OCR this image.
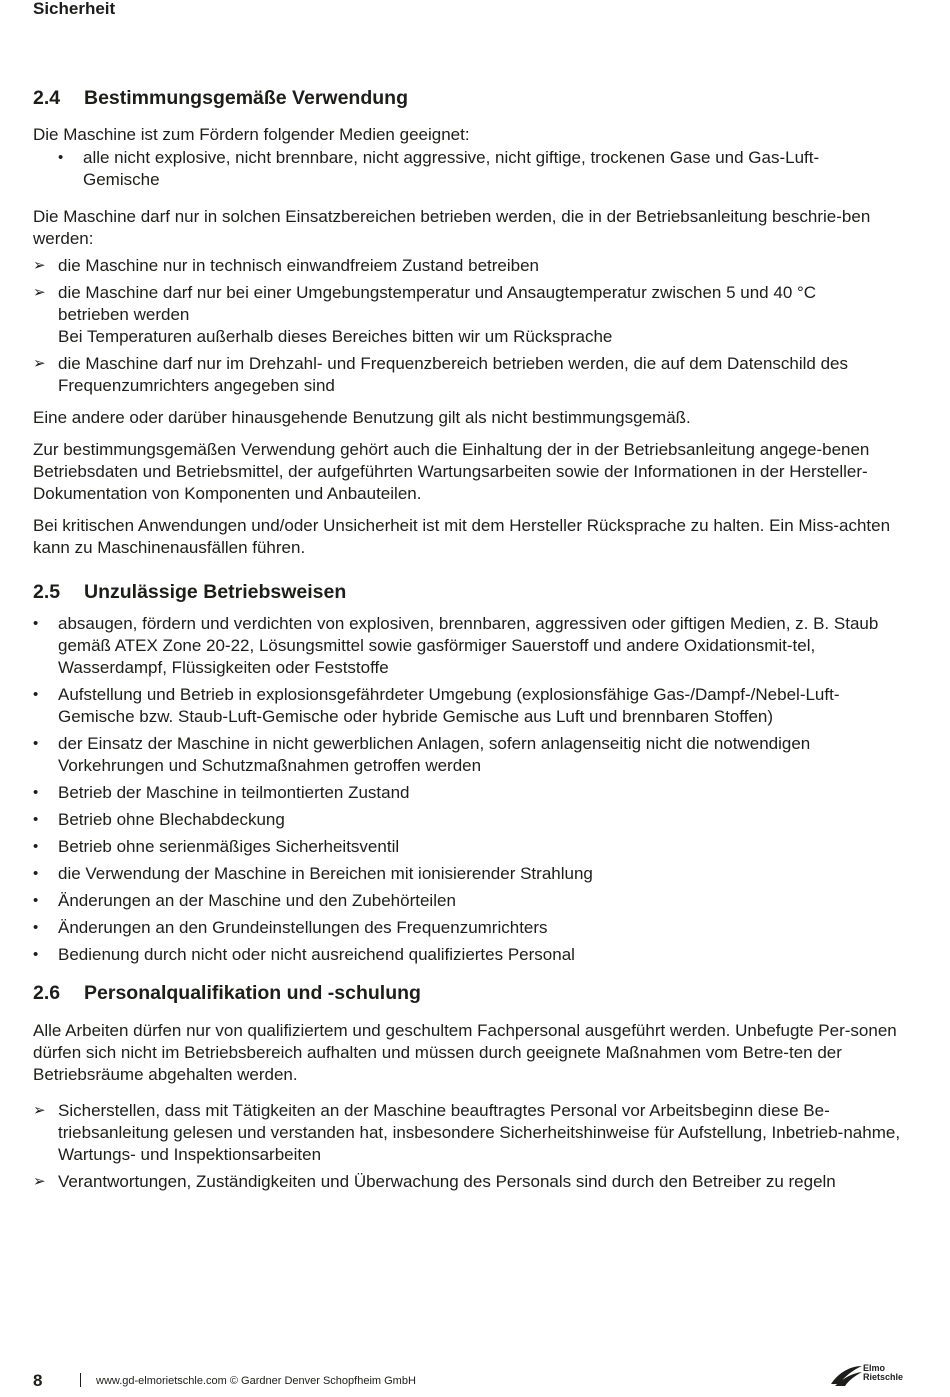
Sicherheit
2.4	Bestimmungsgemäße Verwendung

Die Maschine ist zum Fördern folgender Medien geeignet:

• alle nicht explosive, nicht brennbare, nicht aggressive, nicht giftige, trockenen Gase und Gas-Luft-Gemische

Die Maschine darf nur in solchen Einsatzbereichen betrieben werden, die in der Betriebsanleitung beschrie-ben werden:

➢ die Maschine nur in technisch einwandfreiem Zustand betreiben
➢ die Maschine darf nur bei einer Umgebungstemperatur und Ansaugtemperatur zwischen 5 und 40 °C betrieben werden
Bei Temperaturen außerhalb dieses Bereiches bitten wir um Rücksprache
➢ die Maschine darf nur im Drehzahl- und Frequenzbereich betrieben werden, die auf dem Datenschild des Frequenzumrichters angegeben sind

Eine andere oder darüber hinausgehende Benutzung gilt als nicht bestimmungsgemäß.

Zur bestimmungsgemäßen Verwendung gehört auch die Einhaltung der in der Betriebsanleitung angege-benen Betriebsdaten und Betriebsmittel, der aufgeführten Wartungsarbeiten sowie der Informationen in der Hersteller-Dokumentation von Komponenten und Anbauteilen.

Bei kritischen Anwendungen und/oder Unsicherheit ist mit dem Hersteller Rücksprache zu halten. Ein Miss-achten kann zu Maschinenausfällen führen.

2.5	Unzulässige Betriebsweisen
• absaugen, fördern und verdichten von explosiven, brennbaren, aggressiven oder giftigen Medien, z. B. Staub gemäß ATEX Zone 20-22, Lösungsmittel sowie gasförmiger Sauerstoff und andere Oxidationsmit-tel, Wasserdampf, Flüssigkeiten oder Feststoffe
• Aufstellung und Betrieb in explosionsgefährdeter Umgebung (explosionsfähige Gas-/Dampf-/Nebel-Luft-Gemische bzw. Staub-Luft-Gemische oder hybride Gemische aus Luft und brennbaren Stoffen)
• der Einsatz der Maschine in nicht gewerblichen Anlagen, sofern anlagenseitig nicht die notwendigen Vorkehrungen und Schutzmaßnahmen getroffen werden
• Betrieb der Maschine in teilmontierten Zustand
• Betrieb ohne Blechabdeckung
• Betrieb ohne serienmäßiges Sicherheitsventil
• die Verwendung der Maschine in Bereichen mit ionisierender Strahlung
• Änderungen an der Maschine und den Zubehörteilen
• Änderungen an den Grundeinstellungen des Frequenzumrichters
• Bedienung durch nicht oder nicht ausreichend qualifiziertes Personal
2.6	Personalqualifikation und -schulung

Alle Arbeiten dürfen nur von qualifiziertem und geschultem Fachpersonal ausgeführt werden. Unbefugte Per-sonen dürfen sich nicht im Betriebsbereich aufhalten und müssen durch geeignete Maßnahmen vom Betre-ten der Betriebsräume abgehalten werden.

➢ Sicherstellen, dass mit Tätigkeiten an der Maschine beauftragtes Personal vor Arbeitsbeginn diese Be-triebsanleitung gelesen und verstanden hat, insbesondere Sicherheitshinweise für Aufstellung, Inbetrieb-nahme, Wartungs- und Inspektionsarbeiten
➢ Verantwortungen, Zuständigkeiten und Überwachung des Personals sind durch den Betreiber zu regeln
8	www.gd-elmorietschle.com © Gardner Denver Schopfheim GmbH
Elmo
Rietschle
